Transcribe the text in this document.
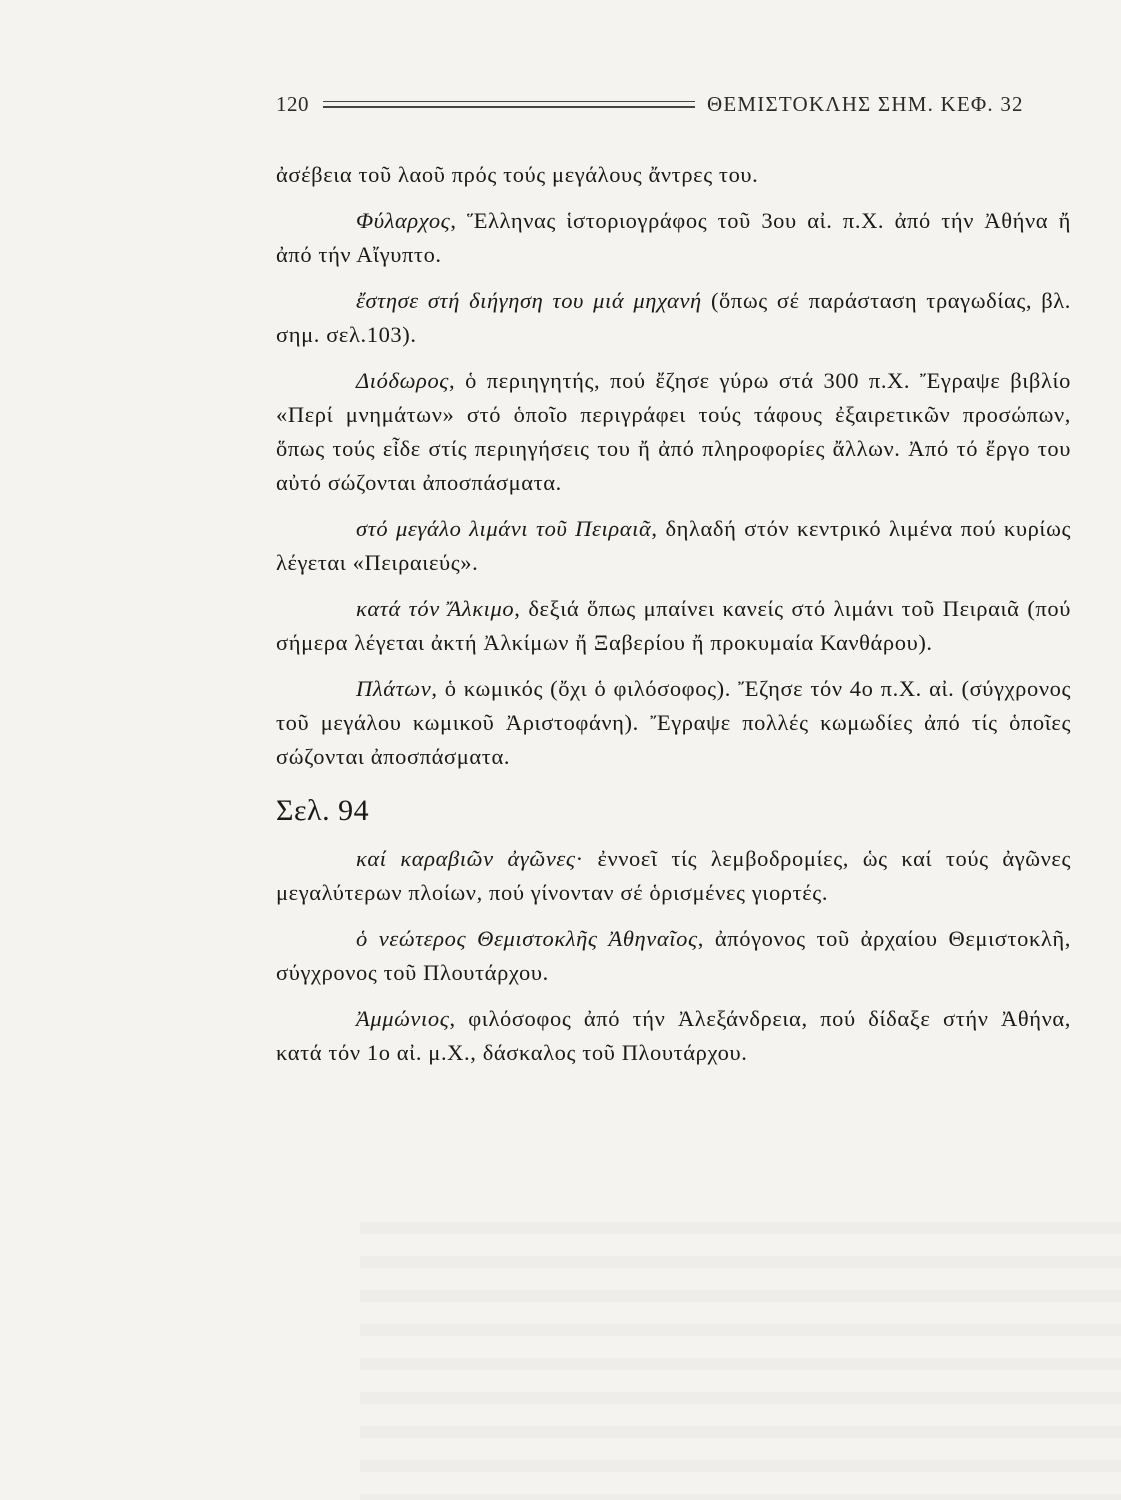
120	ΘΕΜΙΣΤΟΚΛΗΣ ΣΗΜ. ΚΕΦ. 32

ἀσέβεια τοῦ λαοῦ πρός τούς μεγάλους ἄντρες του.

Φύλαρχος, Ἕλληνας ἱστοριογράφος τοῦ 3ου αἰ. π.Χ. ἀπό τήν Ἀθήνα ἤ ἀπό τήν Αἴγυπτο.

ἔστησε στή διήγηση του μιά μηχανή (ὅπως σέ παράσταση τραγωδίας, βλ. σημ. σελ.103).

Διόδωρος, ὁ περιηγητής, πού ἔζησε γύρω στά 300 π.Χ. Ἔγραψε βιβλίο «Περί μνημάτων» στό ὁποῖο περιγράφει τούς τάφους ἐξαιρετικῶν προσώπων, ὅπως τούς εἶδε στίς περιηγήσεις του ἤ ἀπό πληροφορίες ἄλλων. Ἀπό τό ἔργο του αὐτό σώζονται ἀποσπάσματα.

στό μεγάλο λιμάνι τοῦ Πειραιᾶ, δηλαδή στόν κεντρικό λιμένα πού κυρίως λέγεται «Πειραιεύς».

κατά τόν Ἄλκιμο, δεξιά ὅπως μπαίνει κανείς στό λιμάνι τοῦ Πειραιᾶ (πού σήμερα λέγεται ἀκτή Ἀλκίμων ἤ Ξαβερίου ἤ προκυμαία Κανθάρου).

Πλάτων, ὁ κωμικός (ὄχι ὁ φιλόσοφος). Ἔζησε τόν 4ο π.Χ. αἰ. (σύγχρονος τοῦ μεγάλου κωμικοῦ Ἀριστοφάνη). Ἔγραψε πολλές κωμωδίες ἀπό τίς ὁποῖες σώζονται ἀποσπάσματα.

Σελ. 94

καί καραβιῶν ἀγῶνες· ἐννοεῖ τίς λεμβοδρομίες, ὡς καί τούς ἀγῶνες μεγαλύτερων πλοίων, πού γίνονταν σέ ὁρισμένες γιορτές.

ὁ νεώτερος Θεμιστοκλῆς Ἀθηναῖος, ἀπόγονος τοῦ ἀρχαίου Θεμιστοκλῆ, σύγχρονος τοῦ Πλουτάρχου.

Ἀμμώνιος, φιλόσοφος ἀπό τήν Ἀλεξάνδρεια, πού δίδαξε στήν Ἀθήνα, κατά τόν 1ο αἰ. μ.Χ., δάσκαλος τοῦ Πλουτάρχου.
